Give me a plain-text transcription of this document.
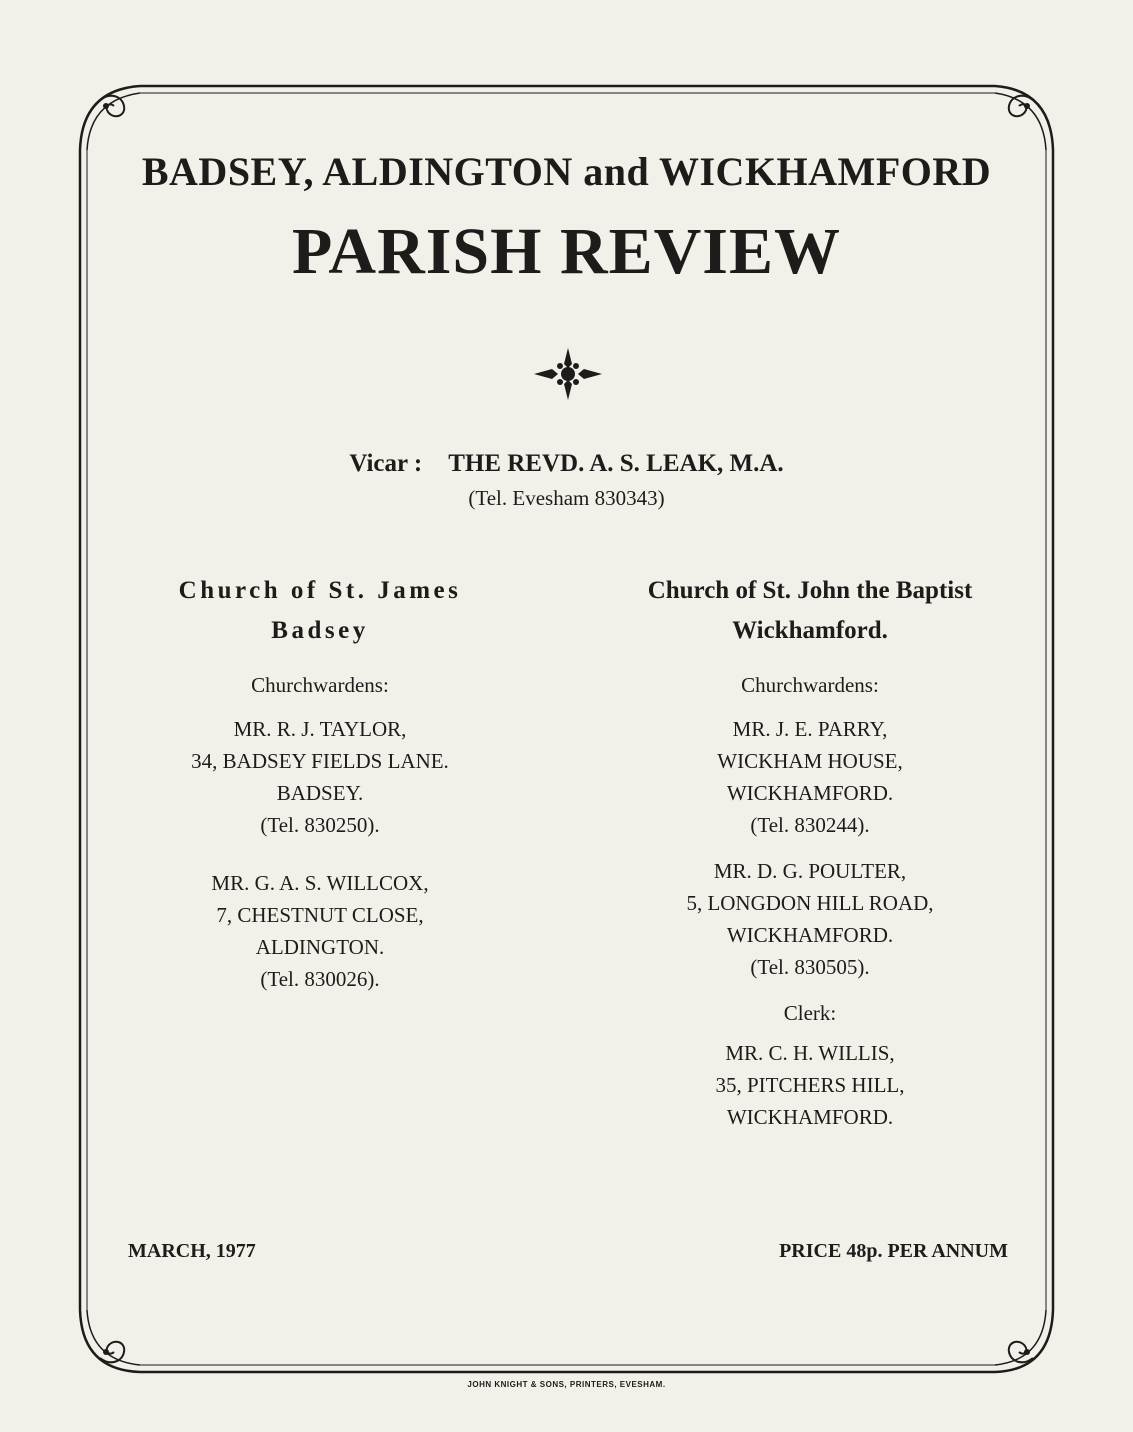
BADSEY, ALDINGTON and WICKHAMFORD
PARISH REVIEW
Vicar : THE REVD. A. S. LEAK, M.A.
(Tel. Evesham 830343)
Church of St. James
Badsey
Churchwardens:
MR. R. J. TAYLOR,
34, BADSEY FIELDS LANE.
BADSEY.
(Tel. 830250).
MR. G. A. S. WILLCOX,
7, CHESTNUT CLOSE,
ALDINGTON.
(Tel. 830026).
Church of St. John the Baptist
Wickhamford.
Churchwardens:
MR. J. E. PARRY,
WICKHAM HOUSE,
WICKHAMFORD.
(Tel. 830244).
MR. D. G. POULTER,
5, LONGDON HILL ROAD,
WICKHAMFORD.
(Tel. 830505).
Clerk:
MR. C. H. WILLIS,
35, PITCHERS HILL,
WICKHAMFORD.
MARCH, 1977	PRICE 48p. PER ANNUM
JOHN KNIGHT & SONS, PRINTERS, EVESHAM.
